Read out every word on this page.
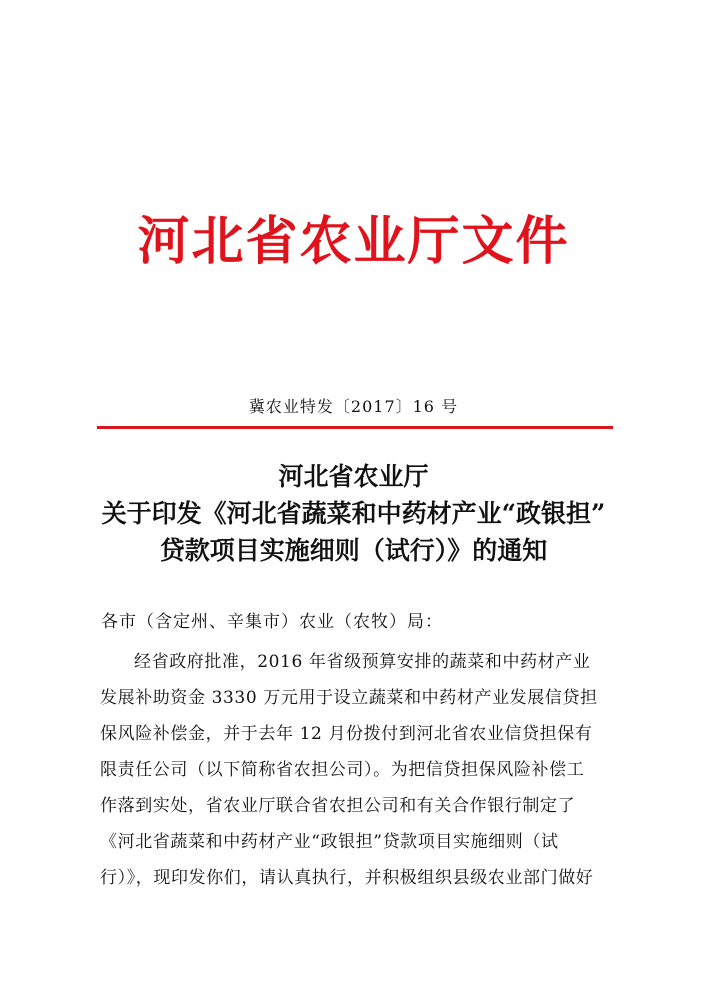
河北省农业厅文件
冀农业特发〔2017〕16 号
河北省农业厅
关于印发《河北省蔬菜和中药材产业“政银担”
贷款项目实施细则（试行）》的通知
各市（含定州、辛集市）农业（农牧）局：
经省政府批准，2016 年省级预算安排的蔬菜和中药材产业
发展补助资金 3330 万元用于设立蔬菜和中药材产业发展信贷担
保风险补偿金，并于去年 12 月份拨付到河北省农业信贷担保有
限责任公司（以下简称省农担公司）。为把信贷担保风险补偿工
作落到实处，省农业厅联合省农担公司和有关合作银行制定了
《河北省蔬菜和中药材产业“政银担”贷款项目实施细则（试
行）》，现印发你们，请认真执行，并积极组织县级农业部门做好
